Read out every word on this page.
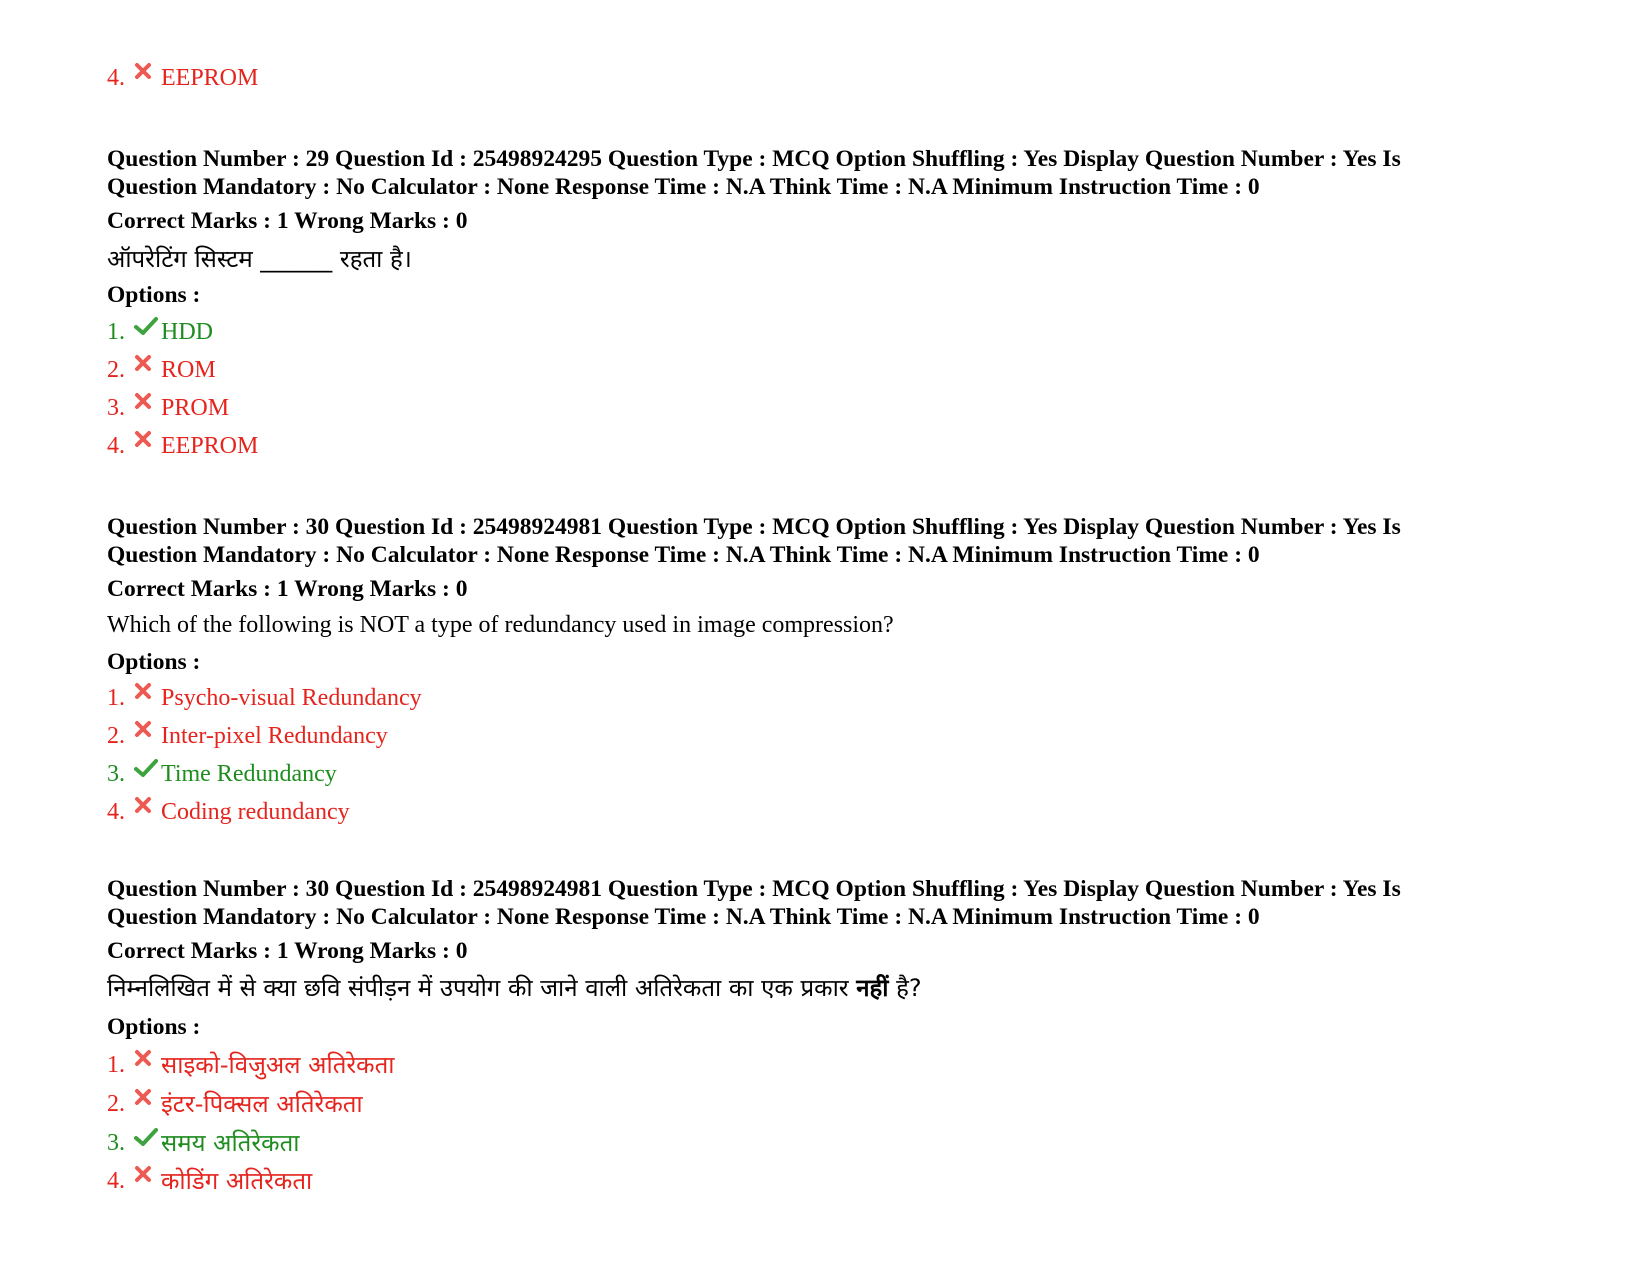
4.	EEPROM
Question Number : 29 Question Id : 25498924295 Question Type : MCQ Option Shuffling : Yes Display Question Number : Yes Is
Question Mandatory : No Calculator : None Response Time : N.A Think Time : N.A Minimum Instruction Time : 0
Correct Marks : 1 Wrong Marks : 0
ऑपरेटिंग सिस्टम ______ रहता है।
Options :
1.	HDD
2.	ROM
3.	PROM
4.	EEPROM
Question Number : 30 Question Id : 25498924981 Question Type : MCQ Option Shuffling : Yes Display Question Number : Yes Is
Question Mandatory : No Calculator : None Response Time : N.A Think Time : N.A Minimum Instruction Time : 0
Correct Marks : 1 Wrong Marks : 0
Which of the following is NOT a type of redundancy used in image compression?
Options :
1.	Psycho-visual Redundancy
2.	Inter-pixel Redundancy
3.	Time Redundancy
4.	Coding redundancy
Question Number : 30 Question Id : 25498924981 Question Type : MCQ Option Shuffling : Yes Display Question Number : Yes Is
Question Mandatory : No Calculator : None Response Time : N.A Think Time : N.A Minimum Instruction Time : 0
Correct Marks : 1 Wrong Marks : 0
निम्नलिखित में से क्या छवि संपीड़न में उपयोग की जाने वाली अतिरेकता का एक प्रकार नहीं है?
Options :
1.	साइको-विजुअल अतिरेकता
2.	इंटर-पिक्सल अतिरेकता
3.	समय अतिरेकता
4.	कोडिंग अतिरेकता
